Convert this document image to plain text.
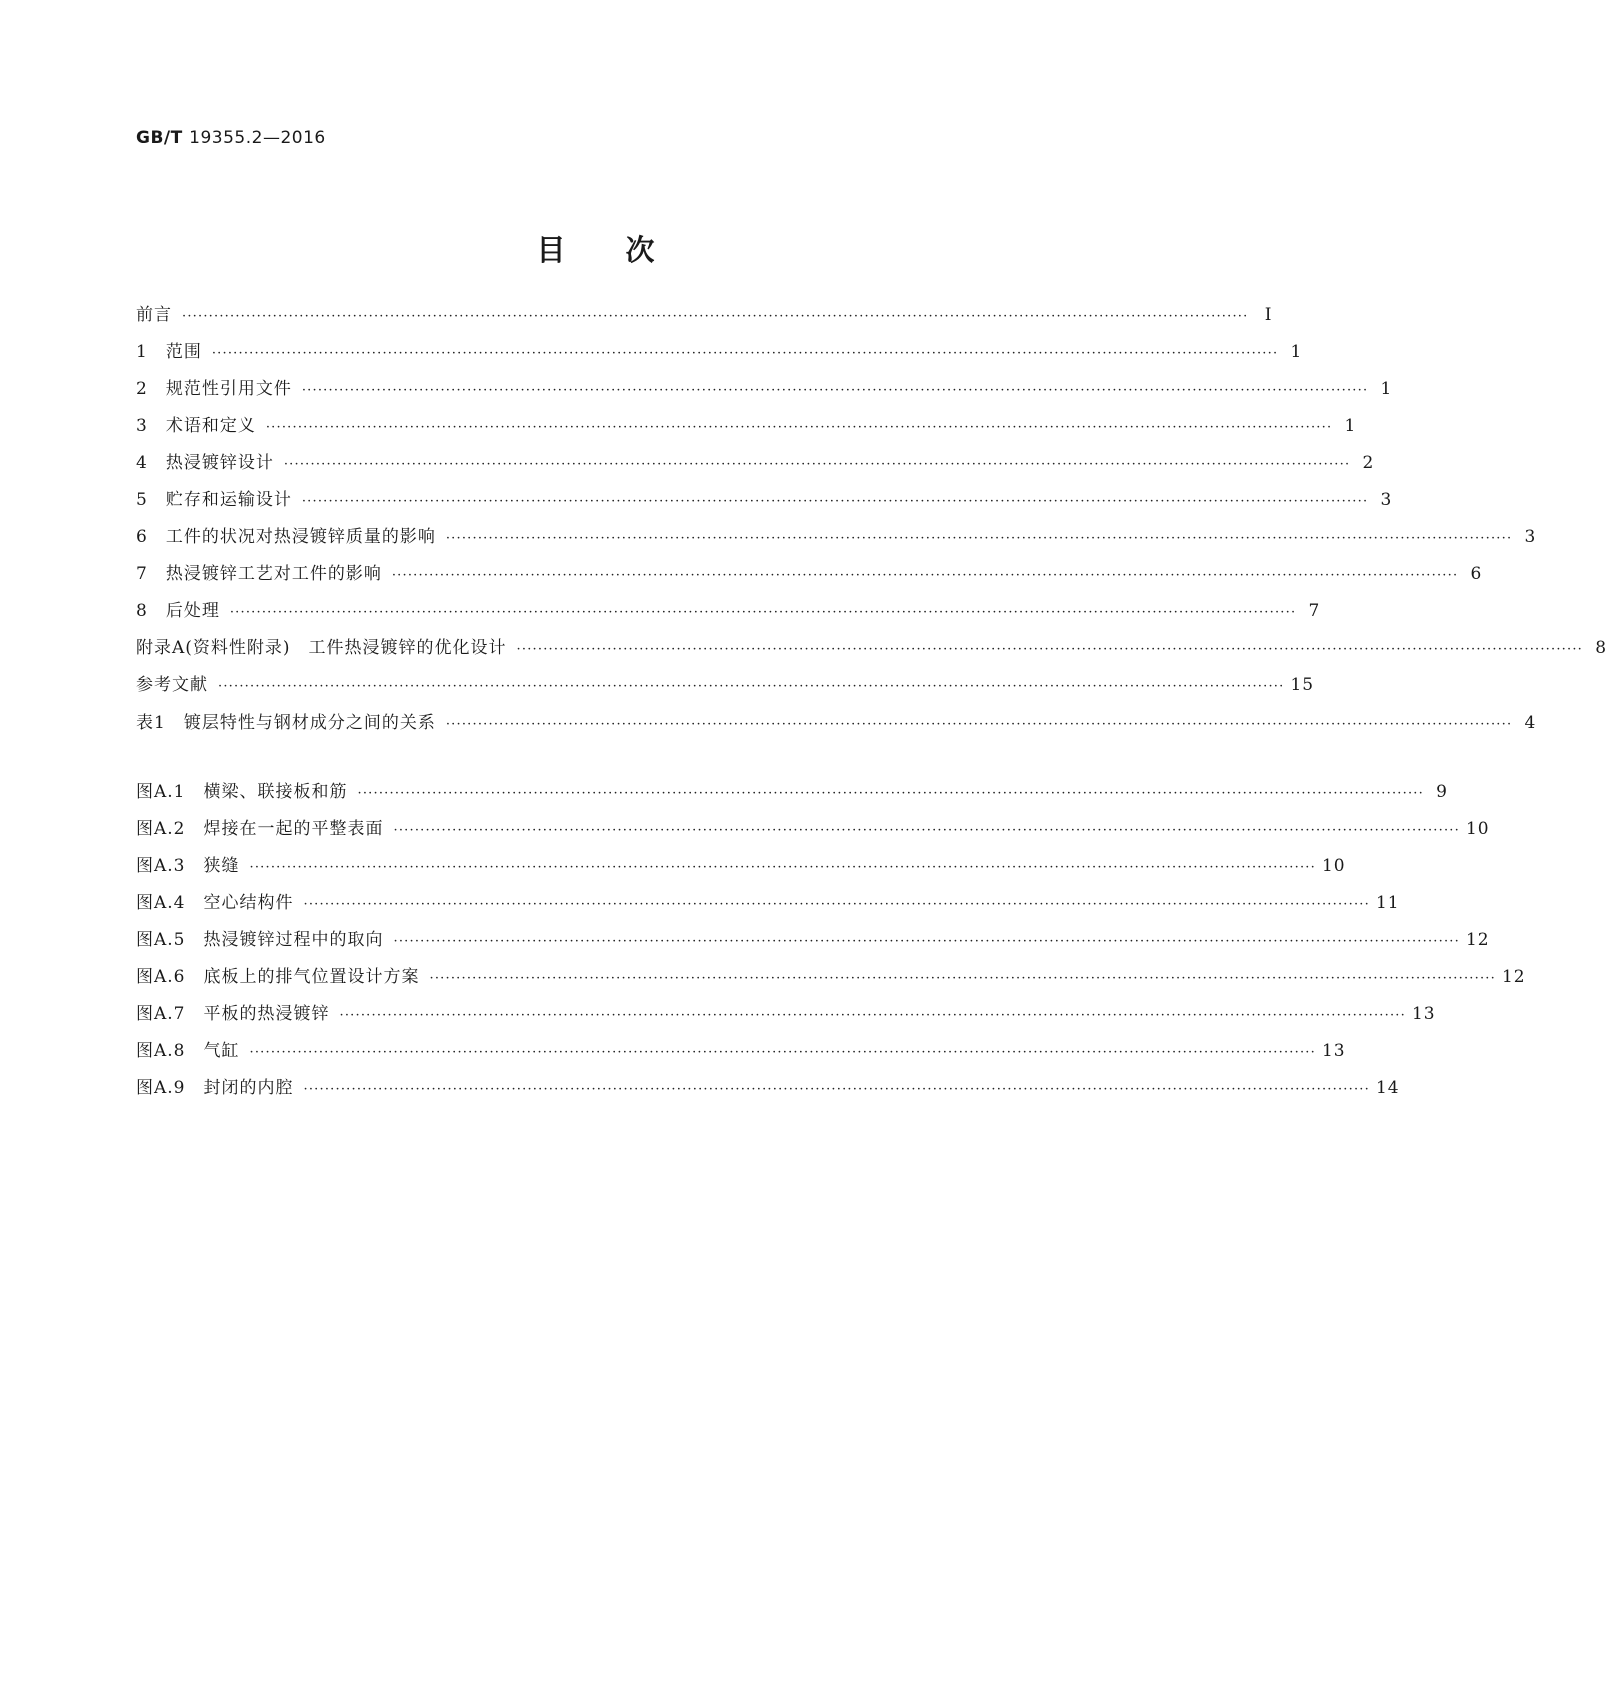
GB/T 19355.2—2016
目次
前言 ········································································································································································································ Ⅰ
1　范围 ········································································································································································································ 1
2　规范性引用文件 ········································································································································································································ 1
3　术语和定义 ········································································································································································································ 1
4　热浸镀锌设计 ········································································································································································································ 2
5　贮存和运输设计 ········································································································································································································ 3
6　工件的状况对热浸镀锌质量的影响 ········································································································································································································ 3
7　热浸镀锌工艺对工件的影响 ········································································································································································································ 6
8　后处理 ········································································································································································································ 7
附录A(资料性附录)　工件热浸镀锌的优化设计 ········································································································································································································ 8
参考文献 ········································································································································································································ 15
表1　镀层特性与钢材成分之间的关系 ········································································································································································································ 4
图A.1　横梁、联接板和筋 ········································································································································································································ 9
图A.2　焊接在一起的平整表面 ········································································································································································································ 10
图A.3　狭缝 ········································································································································································································ 10
图A.4　空心结构件 ········································································································································································································ 11
图A.5　热浸镀锌过程中的取向 ········································································································································································································ 12
图A.6　底板上的排气位置设计方案 ········································································································································································································ 12
图A.7　平板的热浸镀锌 ········································································································································································································ 13
图A.8　气缸 ········································································································································································································ 13
图A.9　封闭的内腔 ········································································································································································································ 14
